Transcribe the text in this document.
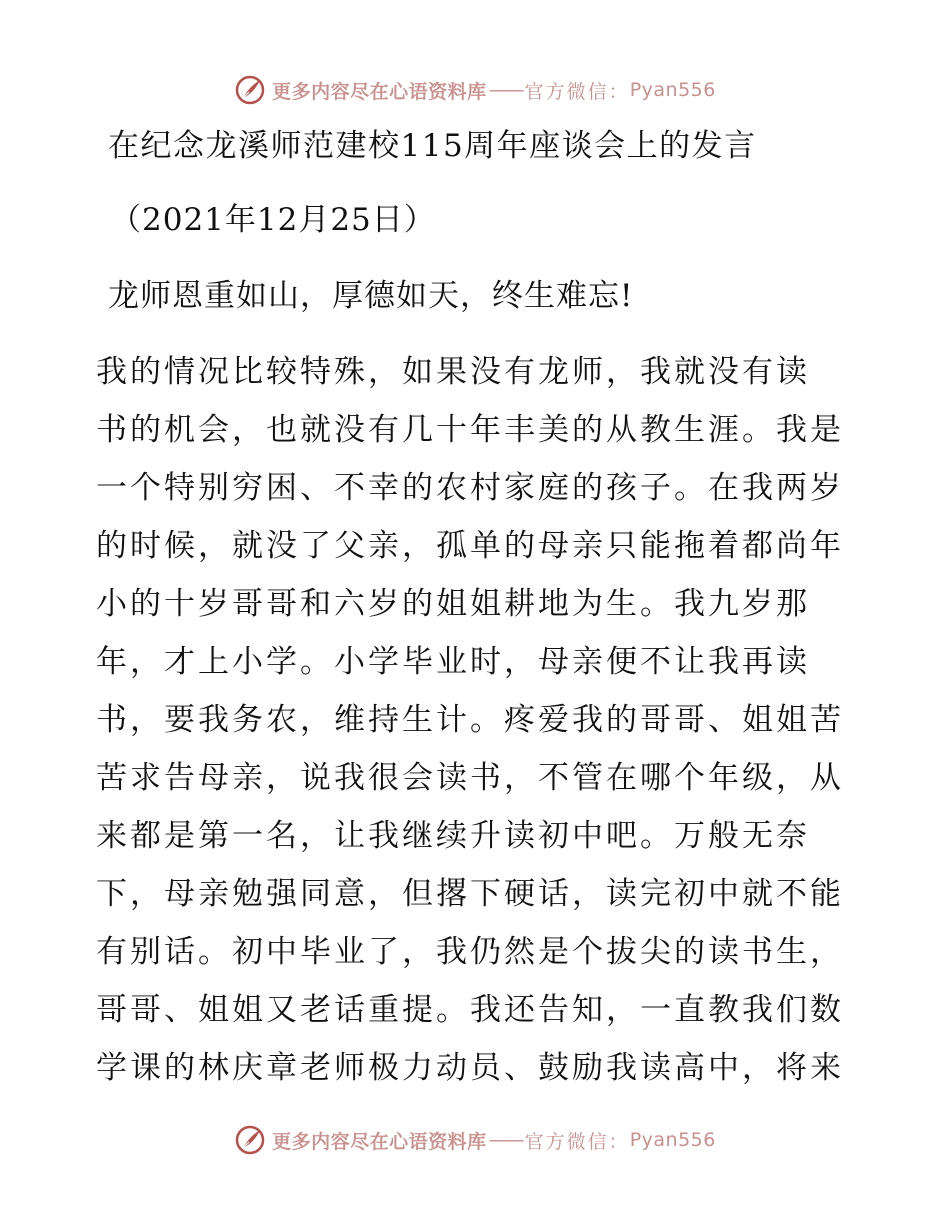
更多内容尽在心语资料库 —— 官方微信： Pyan556
在纪念龙溪师范建校115周年座谈会上的发言
（2021年12月25日）
龙师恩重如山，厚德如天，终生难忘!
我的情况比较特殊，如果没有龙师，我就没有读
书的机会，也就没有几十年丰美的从教生涯。我是
一个特别穷困、不幸的农村家庭的孩子。在我两岁
的时候，就没了父亲，孤单的母亲只能拖着都尚年
小的十岁哥哥和六岁的姐姐耕地为生。我九岁那
年，才上小学。小学毕业时，母亲便不让我再读
书，要我务农，维持生计。疼爱我的哥哥、姐姐苦
苦求告母亲，说我很会读书，不管在哪个年级，从
来都是第一名，让我继续升读初中吧。万般无奈
下，母亲勉强同意，但撂下硬话，读完初中就不能
有别话。初中毕业了，我仍然是个拔尖的读书生，
哥哥、姐姐又老话重提。我还告知，一直教我们数
学课的林庆章老师极力动员、鼓励我读高中，将来
更多内容尽在心语资料库 —— 官方微信： Pyan556
